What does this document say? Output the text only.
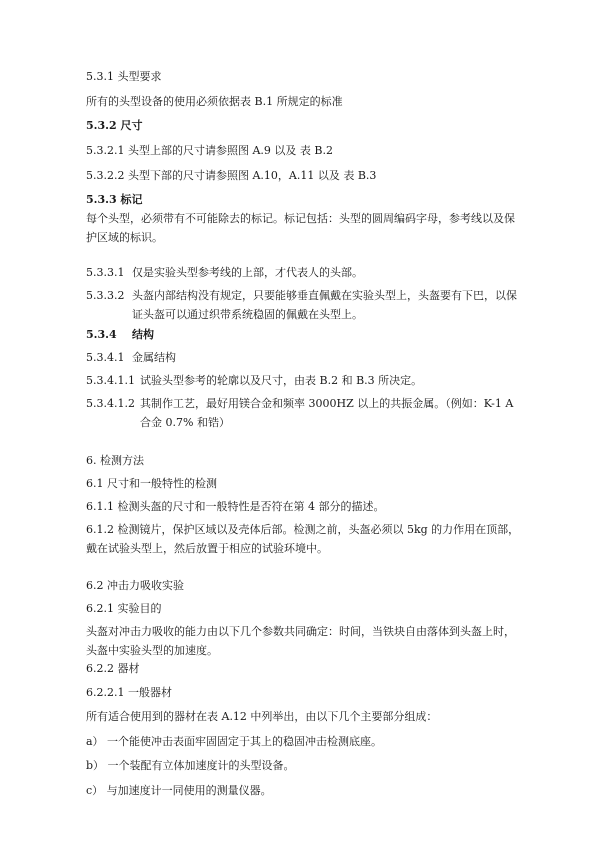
5.3.1 头型要求
所有的头型设备的使用必须依据表 B.1 所规定的标准
5.3.2 尺寸
5.3.2.1 头型上部的尺寸请参照图 A.9 以及 表 B.2
5.3.2.2 头型下部的尺寸请参照图 A.10，A.11 以及 表 B.3
5.3.3 标记
每个头型，必须带有不可能除去的标记。标记包括：头型的圆周编码字母，参考线以及保护区域的标识。
5.3.3.1 仅是实验头型参考线的上部，才代表人的头部。
5.3.3.2 头盔内部结构没有规定，只要能够垂直佩戴在实验头型上，头盔要有下巴，以保证头盔可以通过织带系统稳固的佩戴在头型上。
5.3.4 结构
5.3.4.1 金属结构
5.3.4.1.1 试验头型参考的轮廓以及尺寸，由表 B.2 和 B.3 所决定。
5.3.4.1.2 其制作工艺，最好用镁合金和频率 3000HZ 以上的共振金属。（例如：K-1 A 合金 0.7% 和锆）
6. 检测方法
6.1 尺寸和一般特性的检测
6.1.1 检测头盔的尺寸和一般特性是否符在第 4 部分的描述。
6.1.2 检测镜片，保护区域以及壳体后部。检测之前，头盔必须以 5kg 的力作用在顶部，戴在试验头型上，然后放置于相应的试验环境中。
6.2 冲击力吸收实验
6.2.1 实验目的
头盔对冲击力吸收的能力由以下几个参数共同确定：时间，当铁块自由落体到头盔上时，头盔中实验头型的加速度。
6.2.2 器材
6.2.2.1 一般器材
所有适合使用到的器材在表 A.12 中列举出，由以下几个主要部分组成：
a） 一个能使冲击表面牢固固定于其上的稳固冲击检测底座。
b） 一个装配有立体加速度计的头型设备。
c） 与加速度计一同使用的测量仪器。
